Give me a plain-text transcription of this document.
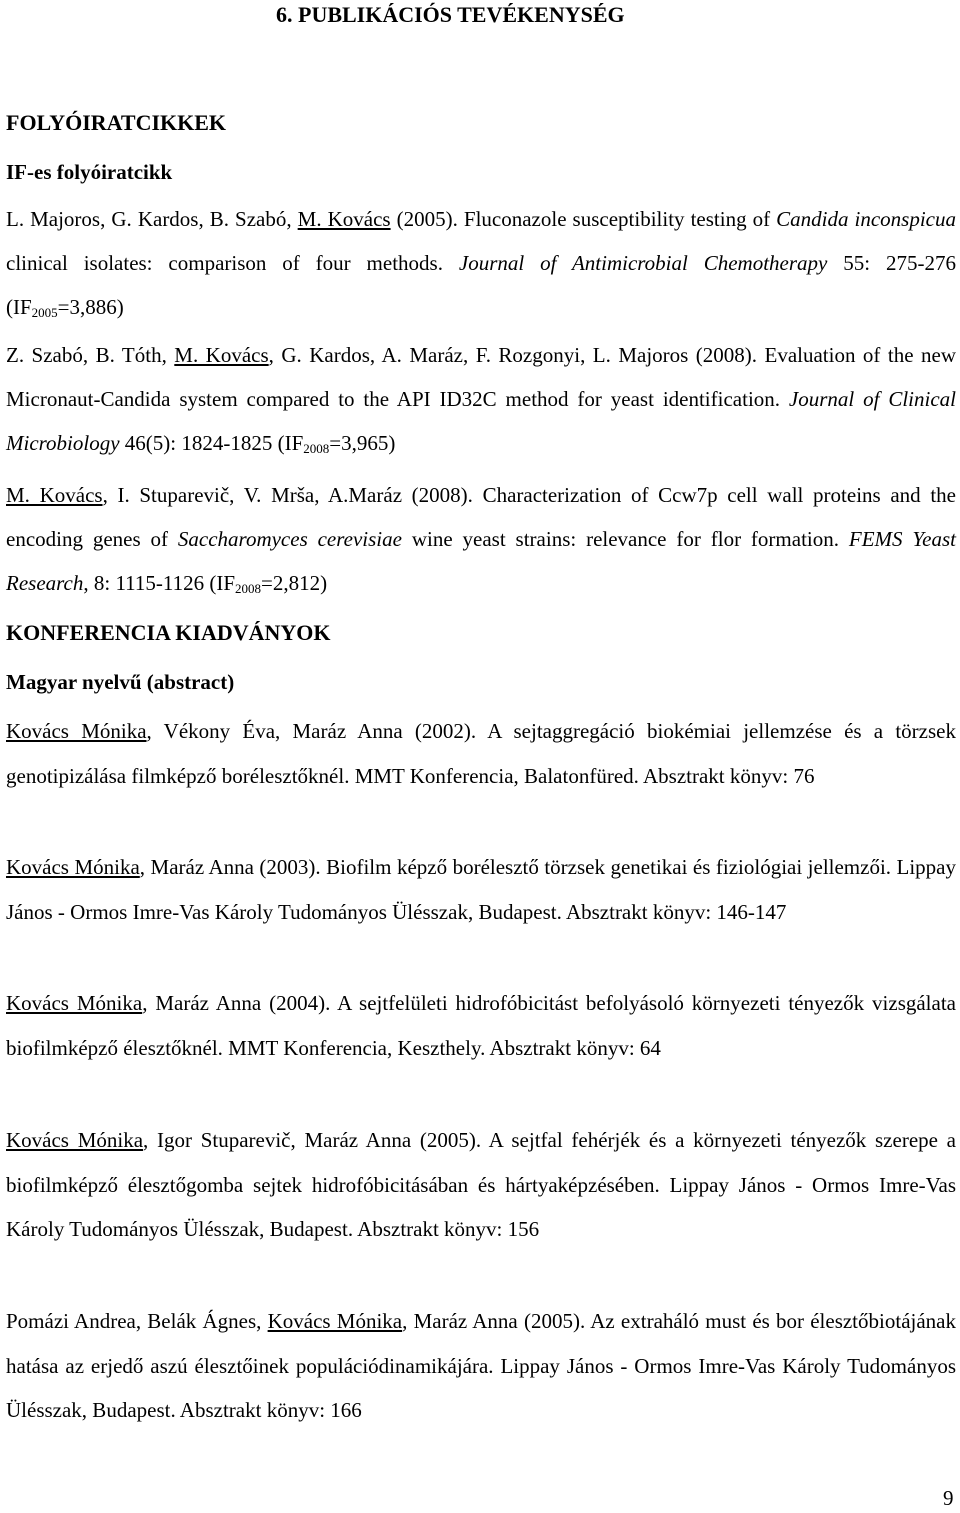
6. PUBLIKÁCIÓS TEVÉKENYSÉG
FOLYÓIRATCIKKEK
IF-es folyóiratcikk
L. Majoros, G. Kardos, B. Szabó, M. Kovács (2005). Fluconazole susceptibility testing of Candida inconspicua clinical isolates: comparison of four methods. Journal of Antimicrobial Chemotherapy 55: 275-276 $(IF_{2005}=3,886)$
Z. Szabó, B. Tóth, M. Kovács, G. Kardos, A. Maráz, F. Rozgonyi, L. Majoros (2008). Evaluation of the new Micronaut-Candida system compared to the API ID32C method for yeast identification. Journal of Clinical Microbiology 46(5): 1824-1825 $(IF_{2008}=3,965)$
M. Kovács, I. Stuparevič, V. Mrša, A.Maráz (2008). Characterization of Ccw7p cell wall proteins and the encoding genes of Saccharomyces cerevisiae wine yeast strains: relevance for flor formation. FEMS Yeast Research, 8: 1115-1126 $(IF_{2008}=2,812)$
KONFERENCIA KIADVÁNYOK
Magyar nyelvű (abstract)
Kovács Mónika, Vékony Éva, Maráz Anna (2002). A sejtaggregáció biokémiai jellemzése és a törzsek genotipizálása filmképző borélesztőknél. MMT Konferencia, Balatonfüred. Absztrakt könyv: 76
Kovács Mónika, Maráz Anna (2003). Biofilm képző borélesztő törzsek genetikai és fiziológiai jellemzői. Lippay János - Ormos Imre-Vas Károly Tudományos Ülésszak, Budapest. Absztrakt könyv: 146-147
Kovács Mónika, Maráz Anna (2004). A sejtfelületi hidrofóbicitást befolyásoló környezeti tényezők vizsgálata biofilmképző élesztőknél. MMT Konferencia, Keszthely. Absztrakt könyv: 64
Kovács Mónika, Igor Stuparevič, Maráz Anna (2005). A sejtfal fehérjék és a környezeti tényezők szerepe a biofilmképző élesztőgomba sejtek hidrofóbicitásában és hártyaképzésében. Lippay János - Ormos Imre-Vas Károly Tudományos Ülésszak, Budapest. Absztrakt könyv: 156
Pomázi Andrea, Belák Ágnes, Kovács Mónika, Maráz Anna (2005). Az extraháló must és bor élesztőbiotájának hatása az erjedő aszú élesztőinek populációdinamikájára. Lippay János - Ormos Imre-Vas Károly Tudományos Ülésszak, Budapest. Absztrakt könyv: 166
9
